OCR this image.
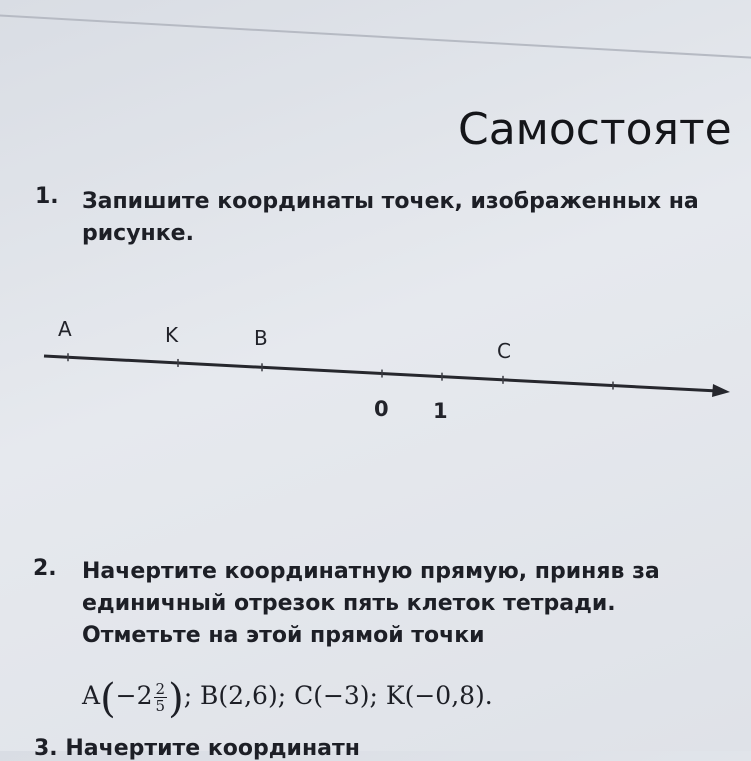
Самостояте
1. Запишите координаты точек, изображенных на рисунке.
A	K	B
C
0 1
2. Начертите координатную прямую, приняв за единичный отрезок пять клеток тетради. Отметьте на этой прямой точки
$A(-2 \frac{2}{5}$ ); B(2,6); C(−3); K(−0,8).
3. Начертите координатн
